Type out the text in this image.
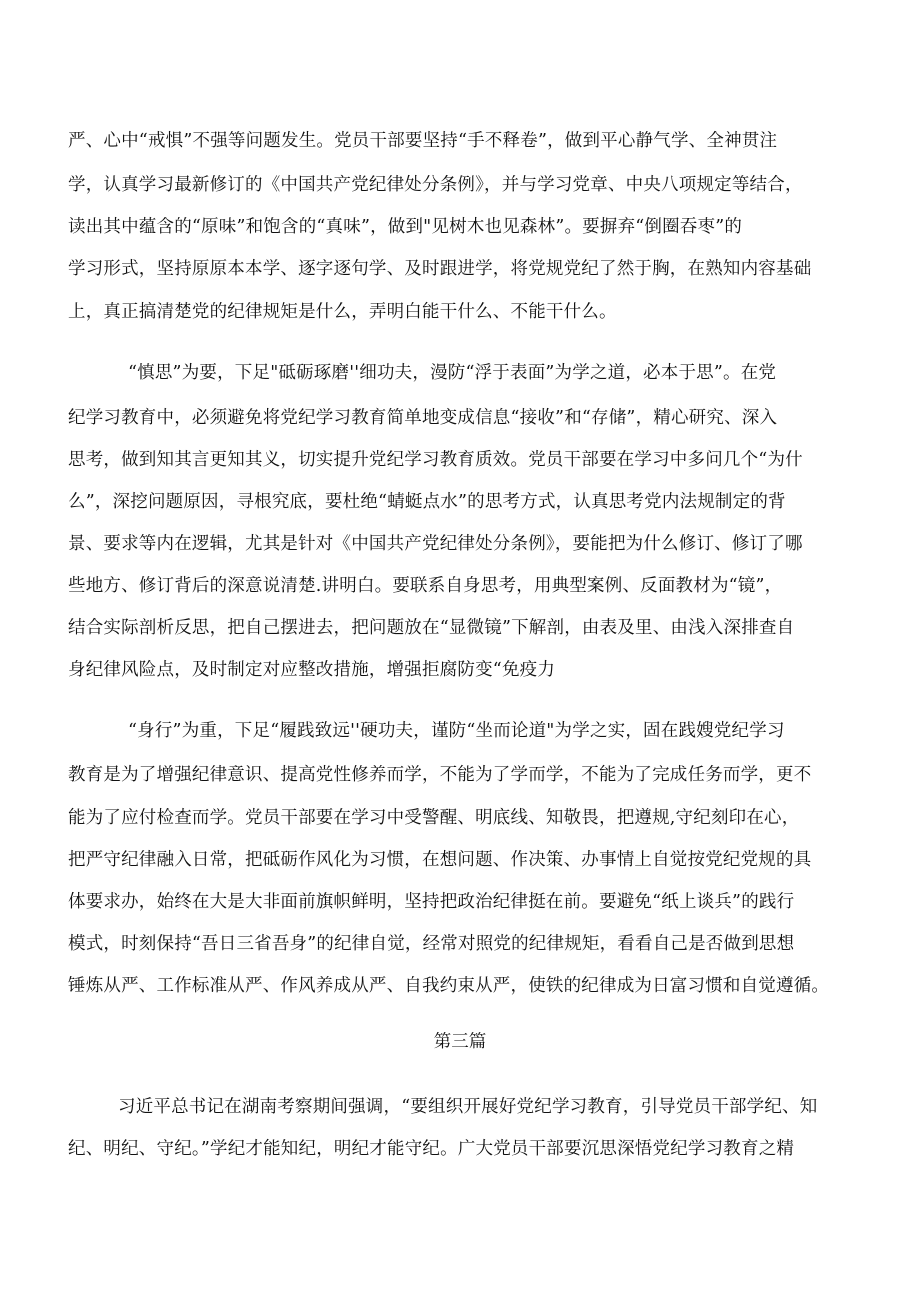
严、心中“戒惧”不强等问题发生。党员干部要坚持“手不释卷”，做到平心静气学、全神贯注
学，认真学习最新修订的《中国共产党纪律处分条例》，并与学习党章、中央八项规定等结合，
读出其中蕴含的“原味”和饱含的“真味”，做到"见树木也见森林”。要摒弃“倒圈吞枣”的
学习形式，坚持原原本本学、逐字逐句学、及时跟进学，将党规党纪了然于胸，在熟知内容基础
上，真正搞清楚党的纪律规矩是什么，弄明白能干什么、不能干什么。
“慎思”为要，下足"砥砺琢磨''细功夫，漫防“浮于表面”为学之道，必本于思”。在党
纪学习教育中，必须避免将党纪学习教育简单地变成信息“接收”和“存储”，精心研究、深入
思考，做到知其言更知其义，切实提升党纪学习教育质效。党员干部要在学习中多问几个“为什
么”，深挖问题原因，寻根究底，要杜绝“蜻蜓点水”的思考方式，认真思考党内法规制定的背
景、要求等内在逻辑，尤其是针对《中国共产党纪律处分条例》，要能把为什么修订、修订了哪
些地方、修订背后的深意说清楚.讲明白。要联系自身思考，用典型案例、反面教材为“镜”，
结合实际剖析反思，把自己摆进去，把问题放在“显微镜”下解剖，由表及里、由浅入深排查自
身纪律风险点，及时制定对应整改措施，增强拒腐防变“免疫力
“身行”为重，下足“履践致远''硬功夫，谨防“坐而论道"为学之实，固在践嫂党纪学习
教育是为了增强纪律意识、提高党性修养而学，不能为了学而学，不能为了完成任务而学，更不
能为了应付检查而学。党员干部要在学习中受警醒、明底线、知敬畏，把遵规,守纪刻印在心，
把严守纪律融入日常，把砥砺作风化为习惯，在想问题、作决策、办事情上自觉按党纪党规的具
体要求办，始终在大是大非面前旗帜鲜明，坚持把政治纪律挺在前。要避免“纸上谈兵”的践行
模式，时刻保持“吾日三省吾身”的纪律自觉，经常对照党的纪律规矩，看看自己是否做到思想
锤炼从严、工作标准从严、作风养成从严、自我约束从严，使铁的纪律成为日富习惯和自觉遵循。
第三篇
习近平总书记在湖南考察期间强调，“要组织开展好党纪学习教育，引导党员干部学纪、知
纪、明纪、守纪。”学纪才能知纪，明纪才能守纪。广大党员干部要沉思深悟党纪学习教育之精
